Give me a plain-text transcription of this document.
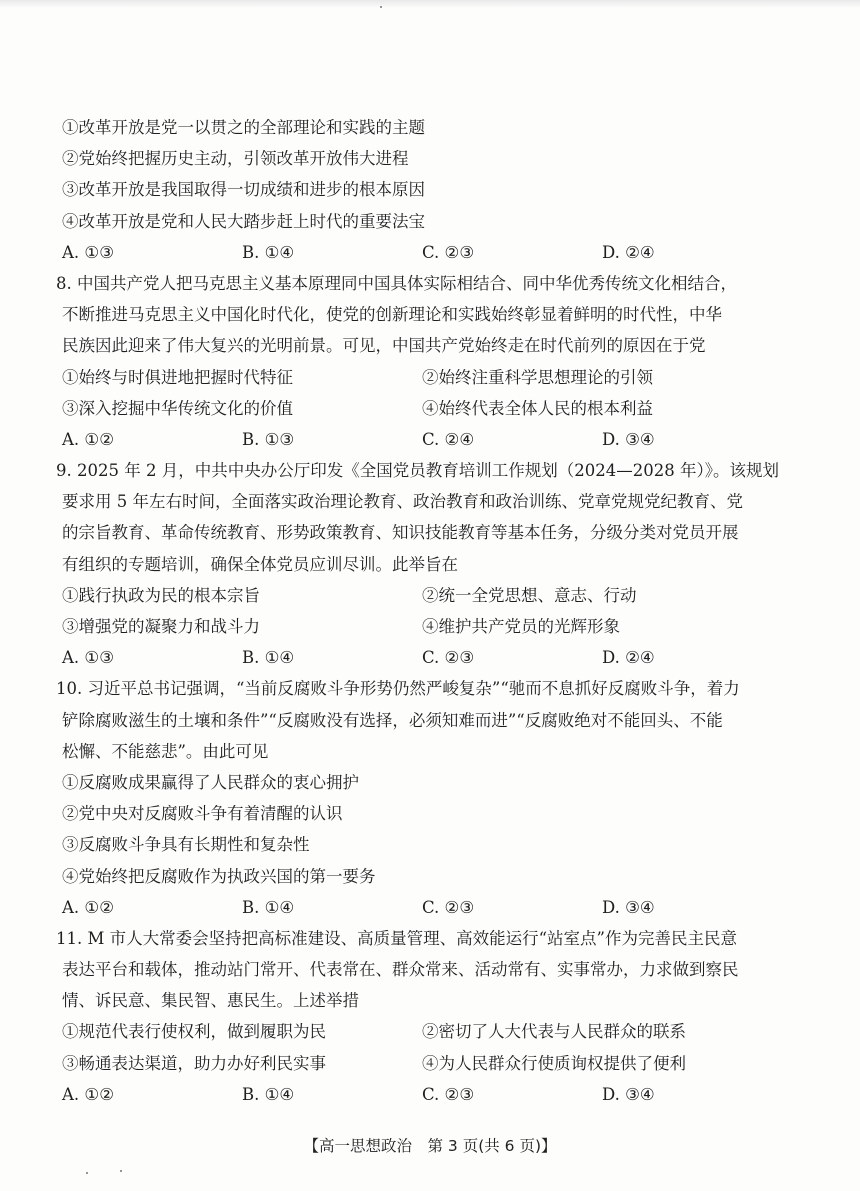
①改革开放是党一以贯之的全部理论和实践的主题
②党始终把握历史主动，引领改革开放伟大进程
③改革开放是我国取得一切成绩和进步的根本原因
④改革开放是党和人民大踏步赶上时代的重要法宝
A. ①③	B. ①④	C. ②③	D. ②④
8. 中国共产党人把马克思主义基本原理同中国具体实际相结合、同中华优秀传统文化相结合，
不断推进马克思主义中国化时代化，使党的创新理论和实践始终彰显着鲜明的时代性，中华
民族因此迎来了伟大复兴的光明前景。可见，中国共产党始终走在时代前列的原因在于党
①始终与时俱进地把握时代特征	②始终注重科学思想理论的引领
③深入挖掘中华传统文化的价值	④始终代表全体人民的根本利益
A. ①②	B. ①③	C. ②④	D. ③④
9. 2025 年 2 月，中共中央办公厅印发《全国党员教育培训工作规划（2024—2028 年）》。该规划
要求用 5 年左右时间，全面落实政治理论教育、政治教育和政治训练、党章党规党纪教育、党
的宗旨教育、革命传统教育、形势政策教育、知识技能教育等基本任务，分级分类对党员开展
有组织的专题培训，确保全体党员应训尽训。此举旨在
①践行执政为民的根本宗旨	②统一全党思想、意志、行动
③增强党的凝聚力和战斗力	④维护共产党员的光辉形象
A. ①③	B. ①④	C. ②③	D. ②④
10. 习近平总书记强调，“当前反腐败斗争形势仍然严峻复杂”“驰而不息抓好反腐败斗争，着力
铲除腐败滋生的土壤和条件”“反腐败没有选择，必须知难而进”“反腐败绝对不能回头、不能
松懈、不能慈悲”。由此可见
①反腐败成果赢得了人民群众的衷心拥护
②党中央对反腐败斗争有着清醒的认识
③反腐败斗争具有长期性和复杂性
④党始终把反腐败作为执政兴国的第一要务
A. ①②	B. ①④	C. ②③	D. ③④
11. M 市人大常委会坚持把高标准建设、高质量管理、高效能运行“站室点”作为完善民主民意
表达平台和载体，推动站门常开、代表常在、群众常来、活动常有、实事常办，力求做到察民
情、诉民意、集民智、惠民生。上述举措
①规范代表行使权利，做到履职为民	②密切了人大代表与人民群众的联系
③畅通表达渠道，助力办好利民实事	④为人民群众行使质询权提供了便利
A. ①②	B. ①④	C. ②③	D. ③④
【高一思想政治　第 3 页(共 6 页)】
